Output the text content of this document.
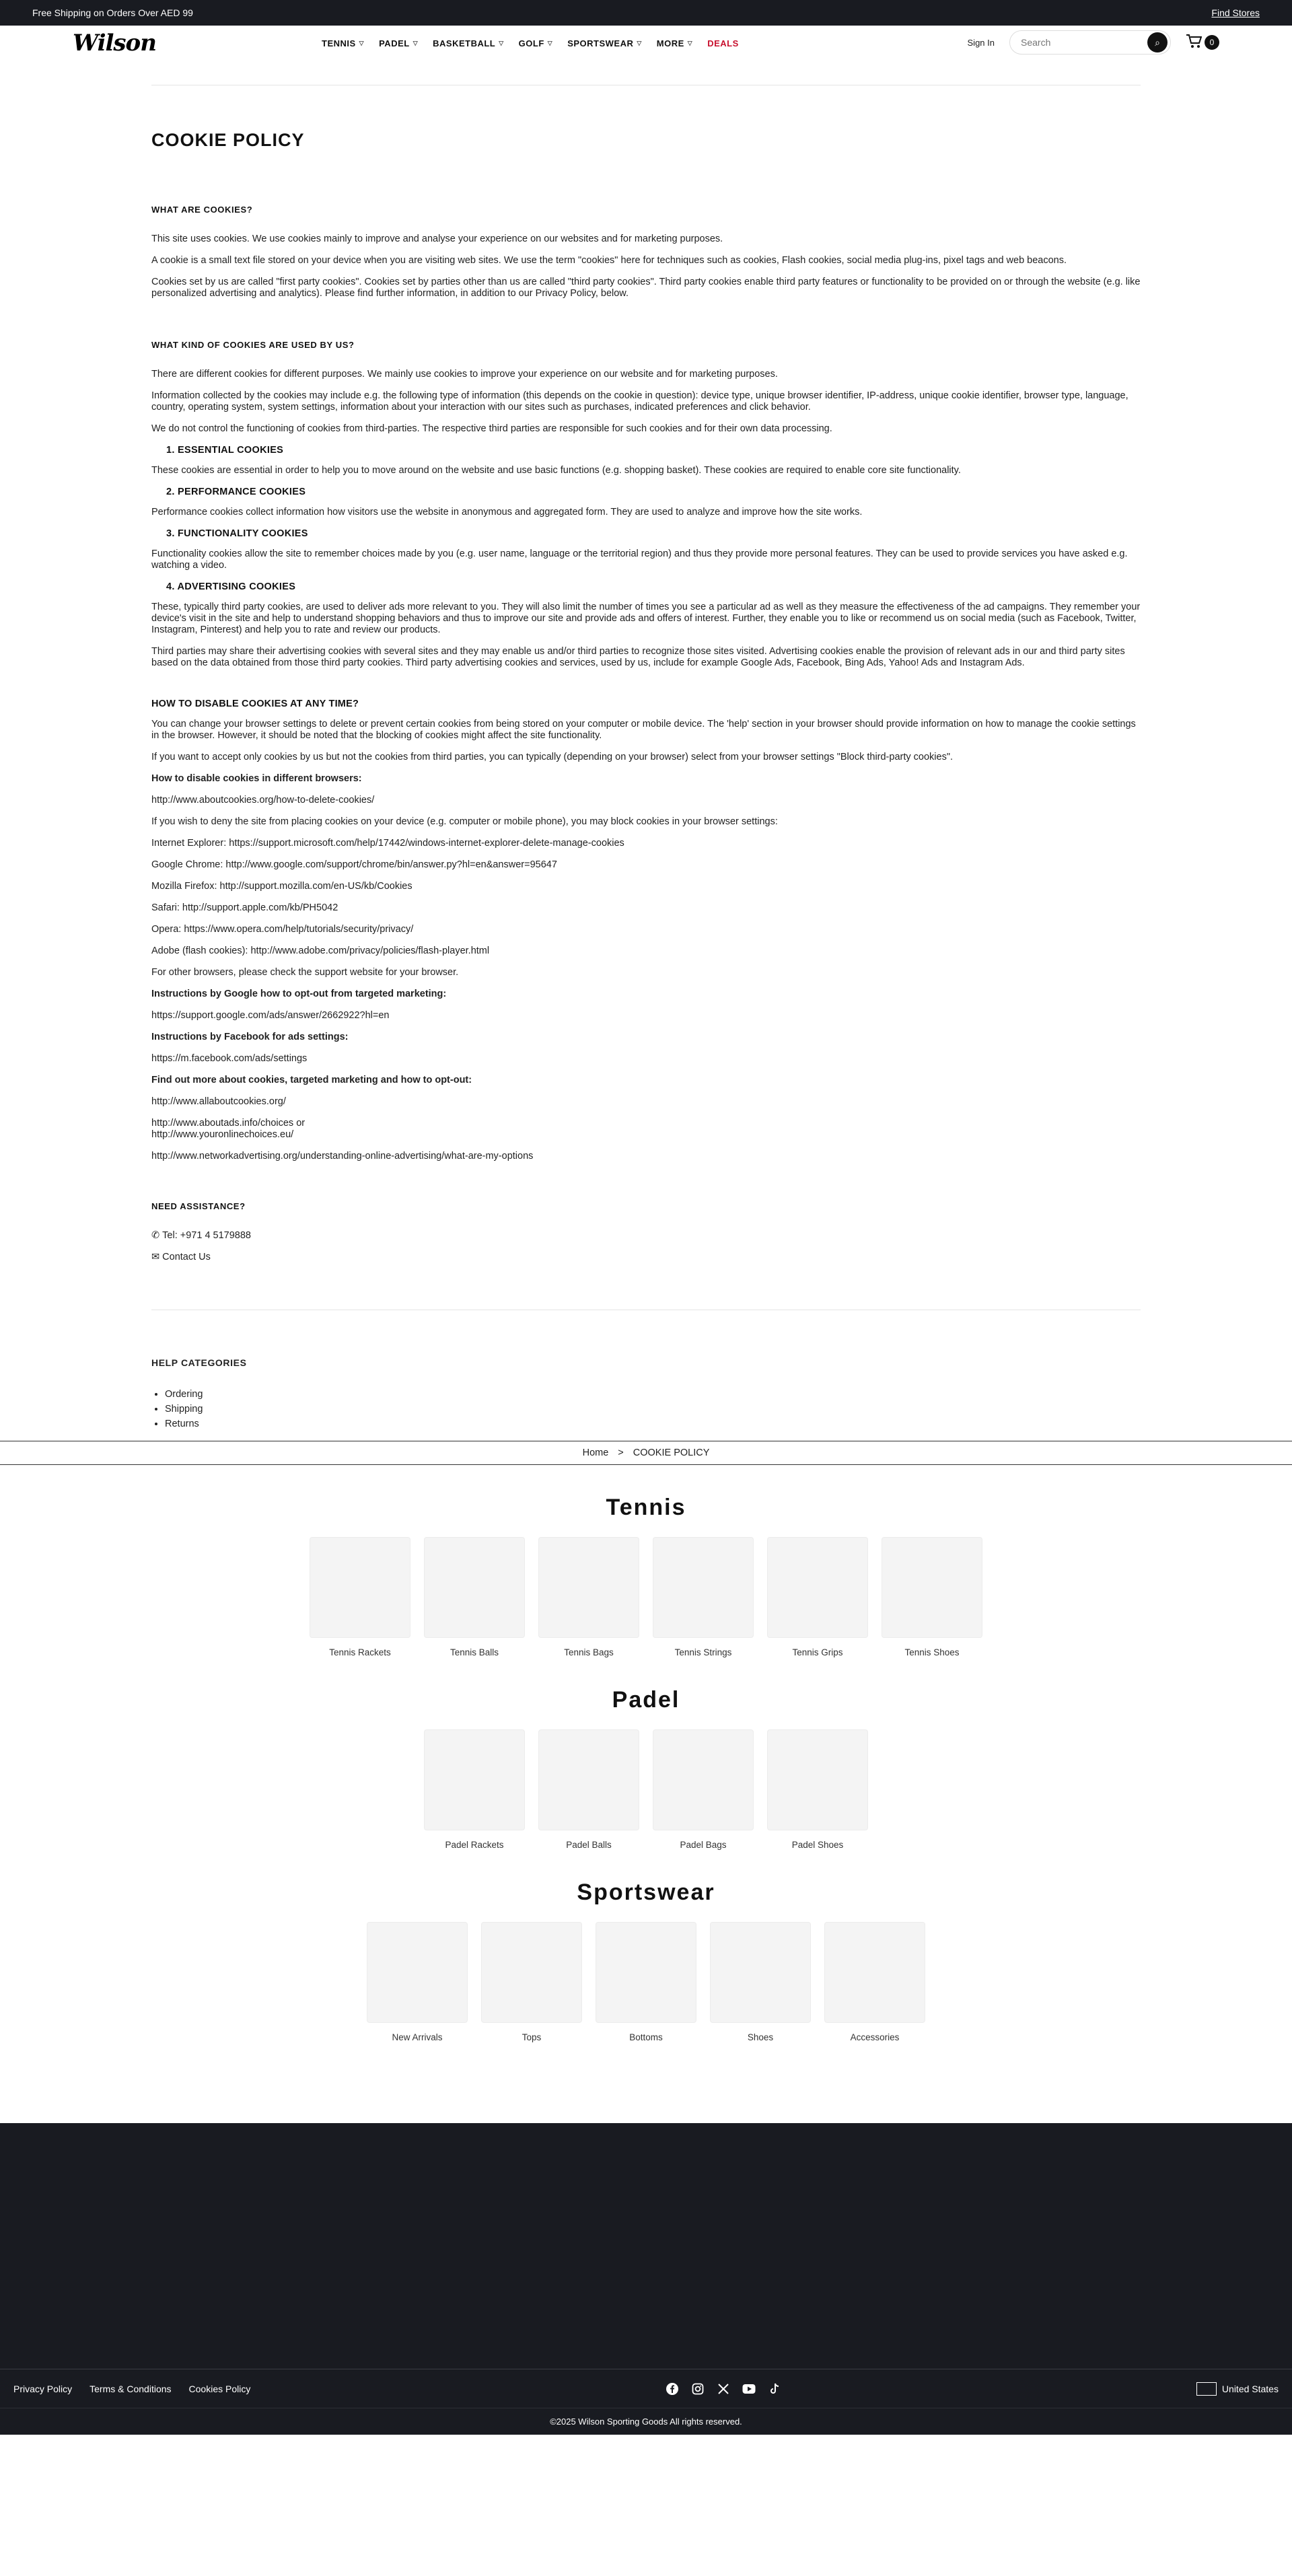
Free Shipping on Orders Over AED 99	Find Stores
Wilson	TENNIS ▽ PADEL ▽ BASKETBALL ▽ GOLF ▽ SPORTSWEAR ▽ MORE ▽ DEALS	Sign In
Search	⌕	0
COOKIE POLICY
WHAT ARE COOKIES?

This site uses cookies. We use cookies mainly to improve and analyse your experience on our websites and for marketing purposes.

A cookie is a small text file stored on your device when you are visiting web sites. We use the term "cookies" here for techniques such as cookies, Flash cookies, social media plug-ins, pixel tags and web beacons.

Cookies set by us are called "first party cookies". Cookies set by parties other than us are called "third party cookies". Third party cookies enable third party features or functionality to be provided on or through the website (e.g. like personalized advertising and analytics). Please find further information, in addition to our Privacy Policy, below.

WHAT KIND OF COOKIES ARE USED BY US?

There are different cookies for different purposes. We mainly use cookies to improve your experience on our website and for marketing purposes.

Information collected by the cookies may include e.g. the following type of information (this depends on the cookie in question): device type, unique browser identifier, IP-address, unique cookie identifier, browser type, language, country, operating system, system settings, information about your interaction with our sites such as purchases, indicated preferences and click behavior.

We do not control the functioning of cookies from third-parties. The respective third parties are responsible for such cookies and for their own data processing.

1. ESSENTIAL COOKIES

These cookies are essential in order to help you to move around on the website and use basic functions (e.g. shopping basket). These cookies are required to enable core site functionality.

2. PERFORMANCE COOKIES

Performance cookies collect information how visitors use the website in anonymous and aggregated form. They are used to analyze and improve how the site works.

3. FUNCTIONALITY COOKIES

Functionality cookies allow the site to remember choices made by you (e.g. user name, language or the territorial region) and thus they provide more personal features. They can be used to provide services you have asked e.g. watching a video.

4. ADVERTISING COOKIES

These, typically third party cookies, are used to deliver ads more relevant to you. They will also limit the number of times you see a particular ad as well as they measure the effectiveness of the ad campaigns. They remember your device's visit in the site and help to understand shopping behaviors and thus to improve our site and provide ads and offers of interest. Further, they enable you to like or recommend us on social media (such as Facebook, Twitter, Instagram, Pinterest) and help you to rate and review our products.

Third parties may share their advertising cookies with several sites and they may enable us and/or third parties to recognize those sites visited. Advertising cookies enable the provision of relevant ads in our and third party sites based on the data obtained from those third party cookies. Third party advertising cookies and services, used by us, include for example Google Ads, Facebook, Bing Ads, Yahoo! Ads and Instagram Ads.

HOW TO DISABLE COOKIES AT ANY TIME?

You can change your browser settings to delete or prevent certain cookies from being stored on your computer or mobile device. The 'help' section in your browser should provide information on how to manage the cookie settings in the browser. However, it should be noted that the blocking of cookies might affect the site functionality.

If you want to accept only cookies by us but not the cookies from third parties, you can typically (depending on your browser) select from your browser settings "Block third-party cookies".

How to disable cookies in different browsers:

http://www.aboutcookies.org/how-to-delete-cookies/

If you wish to deny the site from placing cookies on your device (e.g. computer or mobile phone), you may block cookies in your browser settings:

Internet Explorer: https://support.microsoft.com/help/17442/windows-internet-explorer-delete-manage-cookies

Google Chrome: http://www.google.com/support/chrome/bin/answer.py?hl=en&answer=95647

Mozilla Firefox: http://support.mozilla.com/en-US/kb/Cookies

Safari: http://support.apple.com/kb/PH5042

Opera: https://www.opera.com/help/tutorials/security/privacy/

Adobe (flash cookies): http://www.adobe.com/privacy/policies/flash-player.html

For other browsers, please check the support website for your browser.

Instructions by Google how to opt-out from targeted marketing:

https://support.google.com/ads/answer/2662922?hl=en

Instructions by Facebook for ads settings:

https://m.facebook.com/ads/settings

Find out more about cookies, targeted marketing and how to opt-out:

http://www.allaboutcookies.org/

http://www.aboutads.info/choices or

http://www.youronlinechoices.eu/

http://www.networkadvertising.org/understanding-online-advertising/what-are-my-options

NEED ASSISTANCE?
✆ Tel: +971 4 5179888
✉ Contact Us
HELP CATEGORIES
• Ordering
• Shipping
• Returns
Home > COOKIE POLICY
Tennis
Tennis Rackets	Tennis Balls	Tennis Bags	Tennis Strings	Tennis Grips	Tennis Shoes
Padel
Padel Rackets	Padel Balls	Padel Bags	Padel Shoes
Sportswear
New Arrivals	Tops	Bottoms	Shoes	Accessories
Privacy Policy Terms & Conditions Cookies Policy	United States
©2025 Wilson Sporting Goods All rights reserved.
